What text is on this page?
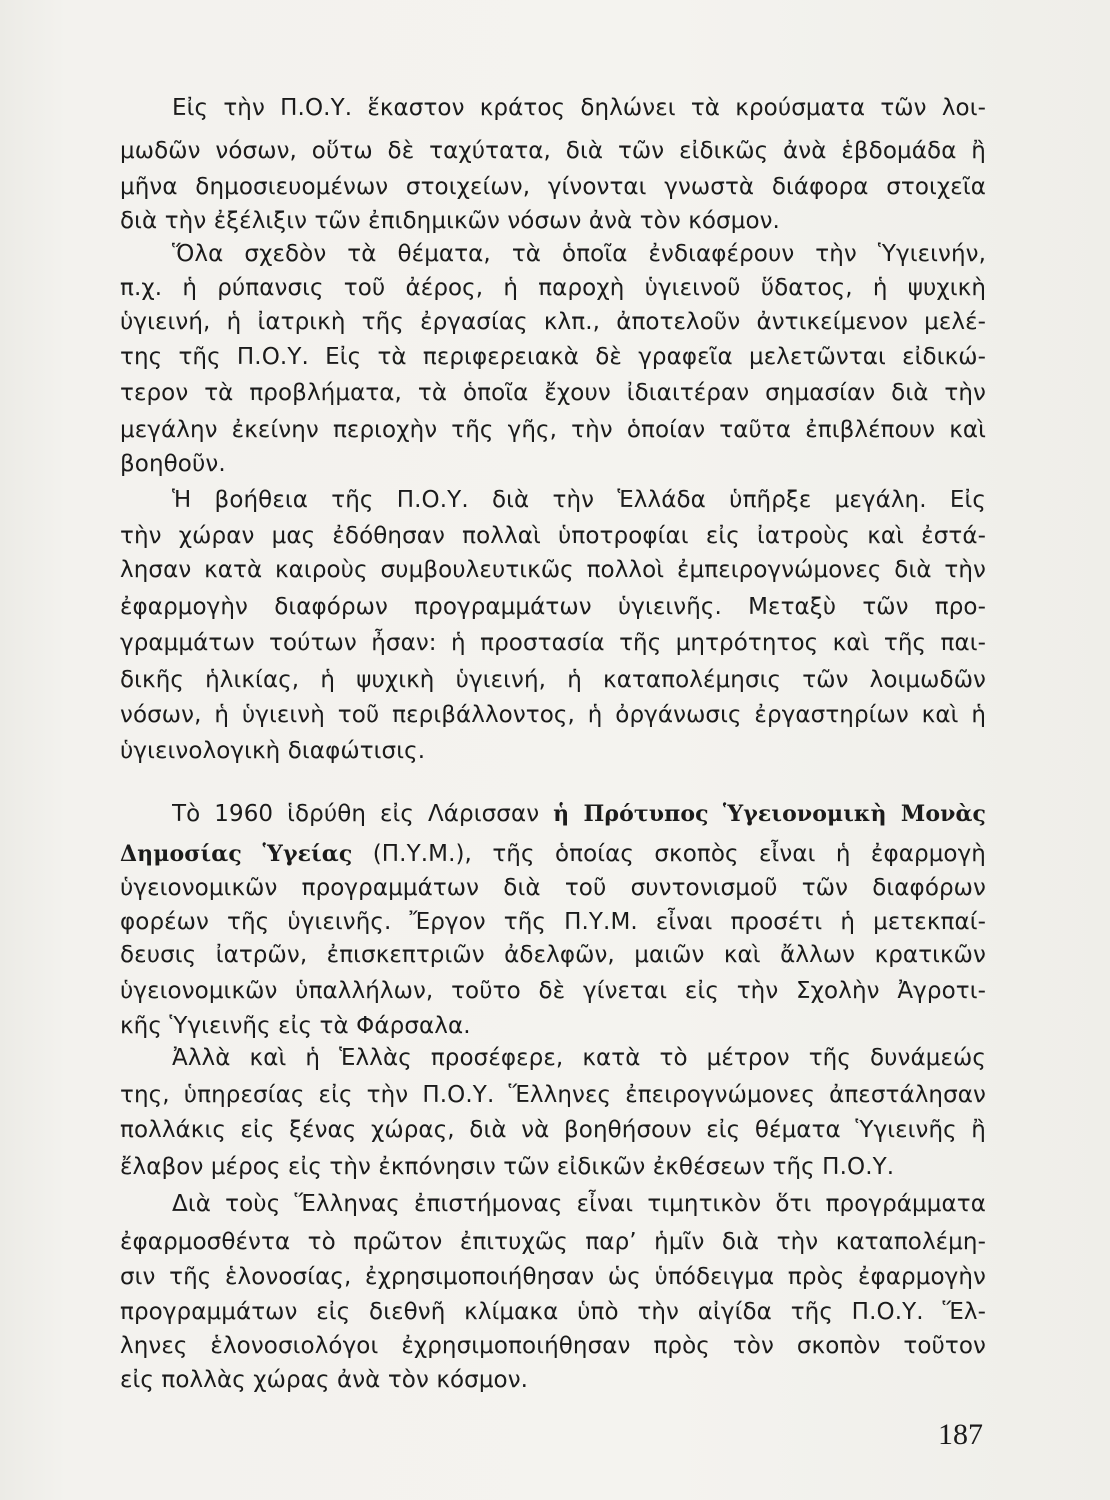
Εἰς τὴν Π.Ο.Υ. ἕκαστον κράτος δηλώνει τὰ κρούσματα τῶν λοι-
μωδῶν νόσων, οὕτω δὲ ταχύτατα, διὰ τῶν εἰδικῶς ἀνὰ ἑβδομάδα ἢ
μῆνα δημοσιευομένων στοιχείων, γίνονται γνωστὰ διάφορα στοιχεῖα
διὰ τὴν ἐξέλιξιν τῶν ἐπιδημικῶν νόσων ἀνὰ τὸν κόσμον.
Ὅλα σχεδὸν τὰ θέματα, τὰ ὁποῖα ἐνδιαφέρουν τὴν Ὑγιεινήν,
π.χ. ἡ ρύπανσις τοῦ ἀέρος, ἡ παροχὴ ὑγιεινοῦ ὕδατος, ἡ ψυχικὴ
ὑγιεινή, ἡ ἰατρικὴ τῆς ἐργασίας κλπ., ἀποτελοῦν ἀντικείμενον μελέ-
της τῆς Π.Ο.Υ. Εἰς τὰ περιφερειακὰ δὲ γραφεῖα μελετῶνται εἰδικώ-
τερον τὰ προβλήματα, τὰ ὁποῖα ἔχουν ἰδιαιτέραν σημασίαν διὰ τὴν
μεγάλην ἐκείνην περιοχὴν τῆς γῆς, τὴν ὁποίαν ταῦτα ἐπιβλέπουν καὶ
βοηθοῦν.
Ἡ βοήθεια τῆς Π.Ο.Υ. διὰ τὴν Ἑλλάδα ὑπῆρξε μεγάλη. Εἰς
τὴν χώραν μας ἐδόθησαν πολλαὶ ὑποτροφίαι εἰς ἰατροὺς καὶ ἐστά-
λησαν κατὰ καιροὺς συμβουλευτικῶς πολλοὶ ἐμπειρογνώμονες διὰ τὴν
ἐφαρμογὴν διαφόρων προγραμμάτων ὑγιεινῆς. Μεταξὺ τῶν προ-
γραμμάτων τούτων ἦσαν: ἡ προστασία τῆς μητρότητος καὶ τῆς παι-
δικῆς ἡλικίας, ἡ ψυχικὴ ὑγιεινή, ἡ καταπολέμησις τῶν λοιμωδῶν
νόσων, ἡ ὑγιεινὴ τοῦ περιβάλλοντος, ἡ ὀργάνωσις ἐργαστηρίων καὶ ἡ
ὑγιεινολογικὴ διαφώτισις.
Τὸ 1960 ἱδρύθη εἰς Λάρισσαν ἡ Πρότυπος Ὑγειονομικὴ Μονὰς
Δημοσίας Ὑγείας (Π.Υ.Μ.), τῆς ὁποίας σκοπὸς εἶναι ἡ ἐφαρμογὴ
ὑγειονομικῶν προγραμμάτων διὰ τοῦ συντονισμοῦ τῶν διαφόρων
φορέων τῆς ὑγιεινῆς. Ἔργον τῆς Π.Υ.Μ. εἶναι προσέτι ἡ μετεκπαί-
δευσις ἰατρῶν, ἐπισκεπτριῶν ἀδελφῶν, μαιῶν καὶ ἄλλων κρατικῶν
ὑγειονομικῶν ὑπαλλήλων, τοῦτο δὲ γίνεται εἰς τὴν Σχολὴν Ἀγροτι-
κῆς Ὑγιεινῆς εἰς τὰ Φάρσαλα.
Ἀλλὰ καὶ ἡ Ἑλλὰς προσέφερε, κατὰ τὸ μέτρον τῆς δυνάμεώς
της, ὑπηρεσίας εἰς τὴν Π.Ο.Υ. Ἕλληνες ἐπειρογνώμονες ἀπεστάλησαν
πολλάκις εἰς ξένας χώρας, διὰ νὰ βοηθήσουν εἰς θέματα Ὑγιεινῆς ἢ
ἔλαβον μέρος εἰς τὴν ἐκπόνησιν τῶν εἰδικῶν ἐκθέσεων τῆς Π.Ο.Υ.
Διὰ τοὺς Ἕλληνας ἐπιστήμονας εἶναι τιμητικὸν ὅτι προγράμματα
ἐφαρμοσθέντα τὸ πρῶτον ἐπιτυχῶς παρ’ ἡμῖν διὰ τὴν καταπολέμη-
σιν τῆς ἑλονοσίας, ἐχρησιμοποιήθησαν ὡς ὑπόδειγμα πρὸς ἐφαρμογὴν
προγραμμάτων εἰς διεθνῆ κλίμακα ὑπὸ τὴν αἰγίδα τῆς Π.Ο.Υ. Ἕλ-
ληνες ἑλονοσιολόγοι ἐχρησιμοποιήθησαν πρὸς τὸν σκοπὸν τοῦτον
εἰς πολλὰς χώρας ἀνὰ τὸν κόσμον.
187
